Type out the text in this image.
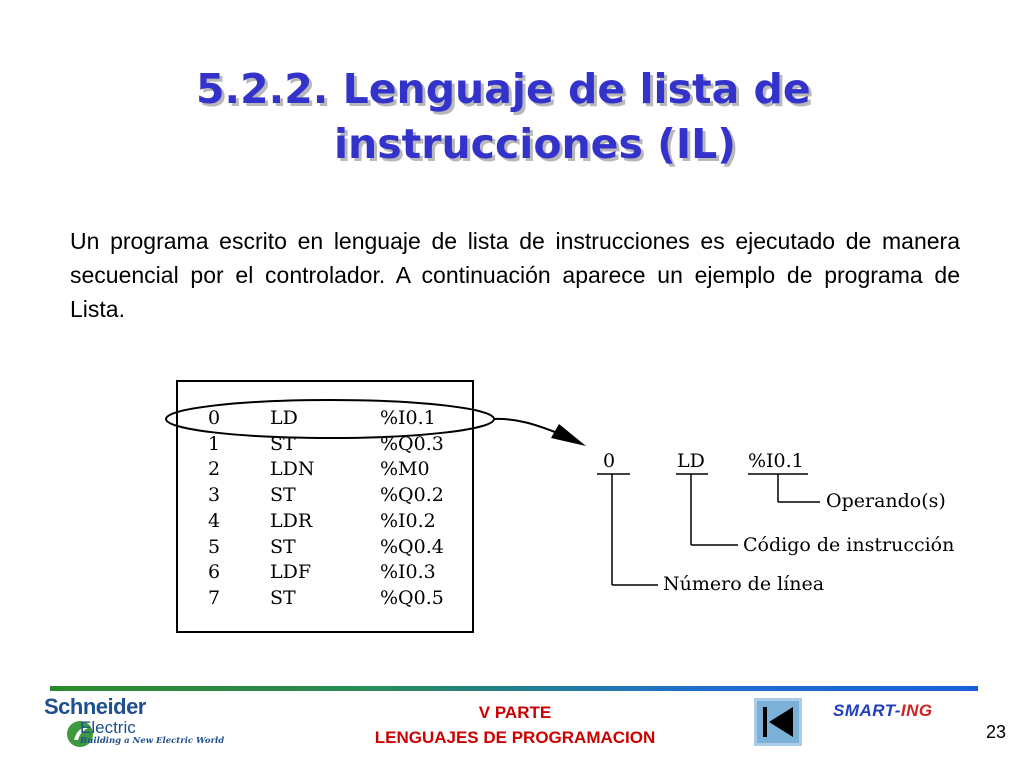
5.2.2. Lenguaje de lista de
instrucciones (IL)
Un programa escrito en lenguaje de lista de instrucciones es ejecutado de manera secuencial por el controlador. A continuación aparece un ejemplo de programa de Lista.
0	LD	%I0.1
1	ST	%Q0.3
2	LDN	%M0
3	ST	%Q0.2
4	LDR	%I0.2
5	ST	%Q0.4
6	LDF	%I0.3
7	ST	%Q0.5
0	LD %I0.1
Operando(s)
Código de instrucción
Número de línea
Schneider
Electric
Building a New Electric World
V PARTE
LENGUAJES DE PROGRAMACION
SMART-ING
23
